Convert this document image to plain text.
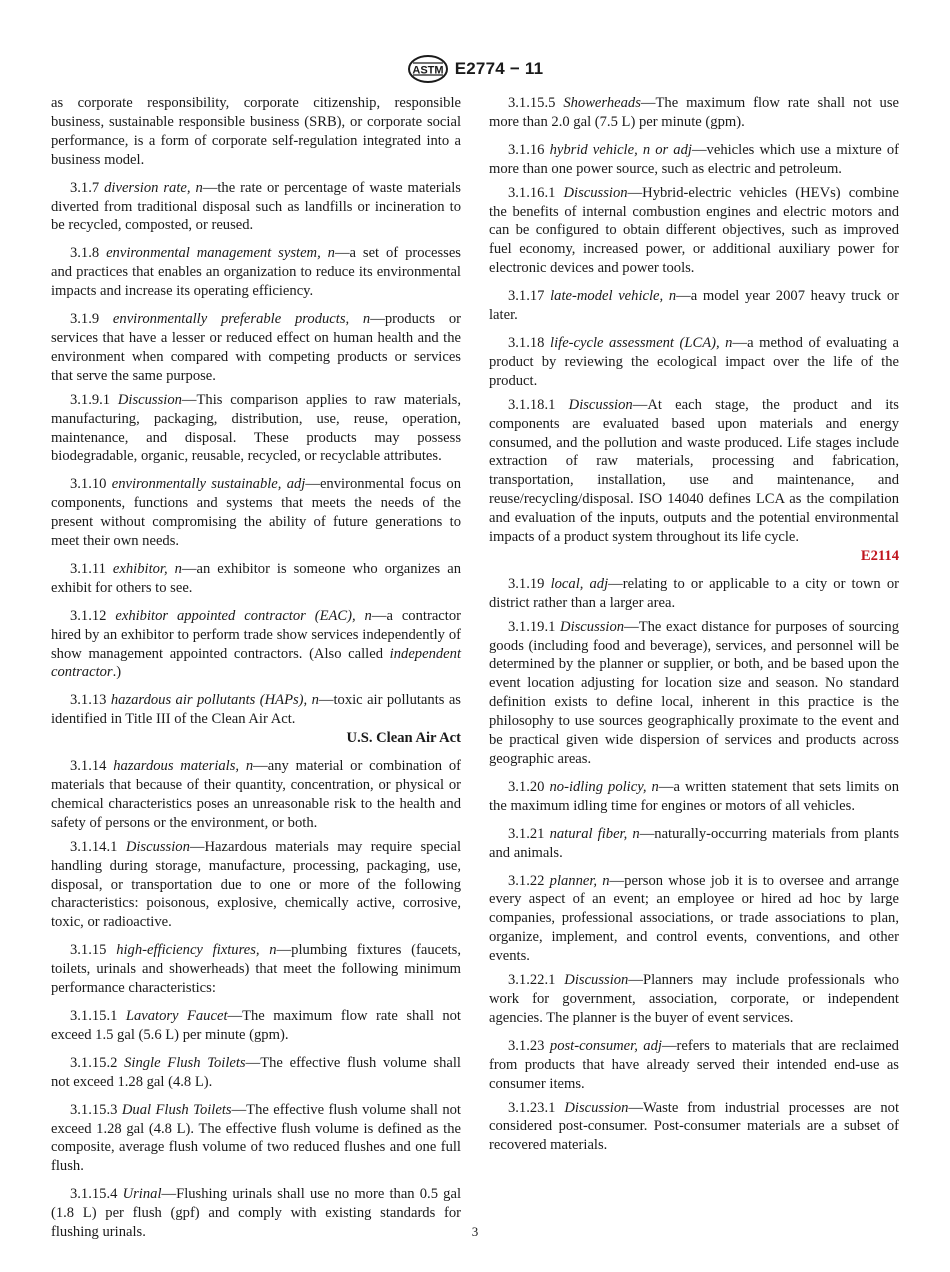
ASTM E2774 − 11

as corporate responsibility, corporate citizenship, responsible business, sustainable responsible business (SRB), or corporate social performance, is a form of corporate self-regulation integrated into a business model.

3.1.7 diversion rate, n—the rate or percentage of waste materials diverted from traditional disposal such as landfills or incineration to be recycled, composted, or reused.

3.1.8 environmental management system, n—a set of processes and practices that enables an organization to reduce its environmental impacts and increase its operating efficiency.

3.1.9 environmentally preferable products, n—products or services that have a lesser or reduced effect on human health and the environment when compared with competing products or services that serve the same purpose.

3.1.9.1 Discussion—This comparison applies to raw materials, manufacturing, packaging, distribution, use, reuse, operation, maintenance, and disposal. These products may possess biodegradable, organic, reusable, recycled, or recyclable attributes.

3.1.10 environmentally sustainable, adj—environmental focus on components, functions and systems that meets the needs of the present without compromising the ability of future generations to meet their own needs.

3.1.11 exhibitor, n—an exhibitor is someone who organizes an exhibit for others to see.

3.1.12 exhibitor appointed contractor (EAC), n—a contractor hired by an exhibitor to perform trade show services independently of show management appointed contractors. (Also called independent contractor.)

3.1.13 hazardous air pollutants (HAPs), n—toxic air pollutants as identified in Title III of the Clean Air Act.

U.S. Clean Air Act

3.1.14 hazardous materials, n—any material or combination of materials that because of their quantity, concentration, or physical or chemical characteristics poses an unreasonable risk to the health and safety of persons or the environment, or both.

3.1.14.1 Discussion—Hazardous materials may require special handling during storage, manufacture, processing, packaging, use, disposal, or transportation due to one or more of the following characteristics: poisonous, explosive, chemically active, corrosive, toxic, or radioactive.

3.1.15 high-efficiency fixtures, n—plumbing fixtures (faucets, toilets, urinals and showerheads) that meet the following minimum performance characteristics:

3.1.15.1 Lavatory Faucet—The maximum flow rate shall not exceed 1.5 gal (5.6 L) per minute (gpm).

3.1.15.2 Single Flush Toilets—The effective flush volume shall not exceed 1.28 gal (4.8 L).

3.1.15.3 Dual Flush Toilets—The effective flush volume shall not exceed 1.28 gal (4.8 L). The effective flush volume is defined as the composite, average flush volume of two reduced flushes and one full flush.

3.1.15.4 Urinal—Flushing urinals shall use no more than 0.5 gal (1.8 L) per flush (gpf) and comply with existing standards for flushing urinals.

3.1.15.5 Showerheads—The maximum flow rate shall not use more than 2.0 gal (7.5 L) per minute (gpm).

3.1.16 hybrid vehicle, n or adj—vehicles which use a mixture of more than one power source, such as electric and petroleum.

3.1.16.1 Discussion—Hybrid-electric vehicles (HEVs) combine the benefits of internal combustion engines and electric motors and can be configured to obtain different objectives, such as improved fuel economy, increased power, or additional auxiliary power for electronic devices and power tools.

3.1.17 late-model vehicle, n—a model year 2007 heavy truck or later.

3.1.18 life-cycle assessment (LCA), n—a method of evaluating a product by reviewing the ecological impact over the life of the product.

3.1.18.1 Discussion—At each stage, the product and its components are evaluated based upon materials and energy consumed, and the pollution and waste produced. Life stages include extraction of raw materials, processing and fabrication, transportation, installation, use and maintenance, and reuse/recycling/disposal. ISO 14040 defines LCA as the compilation and evaluation of the inputs, outputs and the potential environmental impacts of a product system throughout its life cycle.

E2114

3.1.19 local, adj—relating to or applicable to a city or town or district rather than a larger area.

3.1.19.1 Discussion—The exact distance for purposes of sourcing goods (including food and beverage), services, and personnel will be determined by the planner or supplier, or both, and be based upon the event location adjusting for location size and season. No standard definition exists to define local, inherent in this practice is the philosophy to use sources geographically proximate to the event and be practical given wide dispersion of services and products across geographic areas.

3.1.20 no-idling policy, n—a written statement that sets limits on the maximum idling time for engines or motors of all vehicles.

3.1.21 natural fiber, n—naturally-occurring materials from plants and animals.

3.1.22 planner, n—person whose job it is to oversee and arrange every aspect of an event; an employee or hired ad hoc by large companies, professional associations, or trade associations to plan, organize, implement, and control events, conventions, and other events.

3.1.22.1 Discussion—Planners may include professionals who work for government, association, corporate, or independent agencies. The planner is the buyer of event services.

3.1.23 post-consumer, adj—refers to materials that are reclaimed from products that have already served their intended end-use as consumer items.

3.1.23.1 Discussion—Waste from industrial processes are not considered post-consumer. Post-consumer materials are a subset of recovered materials.

3
